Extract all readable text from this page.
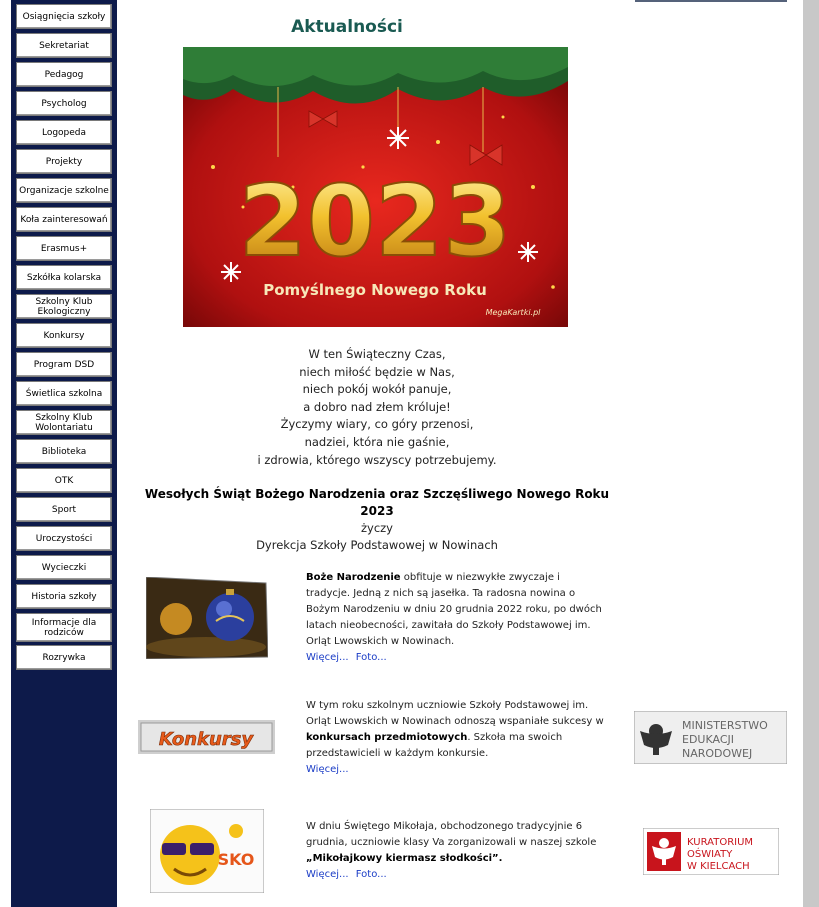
Osiągnięcia szkoły
Sekretariat
Pedagog
Psycholog
Logopeda
Projekty
Organizacje szkolne
Koła zainteresowań
Erasmus+
Szkółka kolarska
Szkolny Klub Ekologiczny
Konkursy
Program DSD
Świetlica szkolna
Szkolny Klub Wolontariatu
Biblioteka
OTK
Sport
Uroczystości
Wycieczki
Historia szkoły
Informacje dla rodziców
Rozrywka
Aktualności
2023
Pomyślnego Nowego Roku
MegaKartki.pl
W ten Świąteczny Czas,
niech miłość będzie w Nas,
niech pokój wokół panuje,
a dobro nad złem króluje!
Życzymy wiary, co góry przenosi,
nadziei, która nie gaśnie,
i zdrowia, którego wszyscy potrzebujemy.
Wesołych Świąt Bożego Narodzenia oraz Szczęśliwego Nowego Roku 2023
życzy
Dyrekcja Szkoły Podstawowej w Nowinach
Boże Narodzenie obfituje w niezwykłe zwyczaje i tradycje. Jedną z nich są jasełka. Ta radosna nowina o Bożym Narodzeniu w dniu 20 grudnia 2022 roku, po dwóch latach nieobecności, zawitała do Szkoły Podstawowej im. Orląt Lwowskich w Nowinach.
Więcej... Foto...
Konkursy
W tym roku szkolnym uczniowie Szkoły Podstawowej im. Orląt Lwowskich w Nowinach odnoszą wspaniałe sukcesy w konkursach przedmiotowych. Szkoła ma swoich przedstawicieli w każdym konkursie.
Więcej...
SKO
W dniu Świętego Mikołaja, obchodzonego tradycyjnie 6 grudnia, uczniowie klasy Va zorganizowali w naszej szkole „Mikołajkowy kiermasz słodkości”.
Więcej... Foto...
MINISTERSTWO
EDUKACJI
NARODOWEJ
KURATORIUM
OŚWIATY
W KIELCACH
